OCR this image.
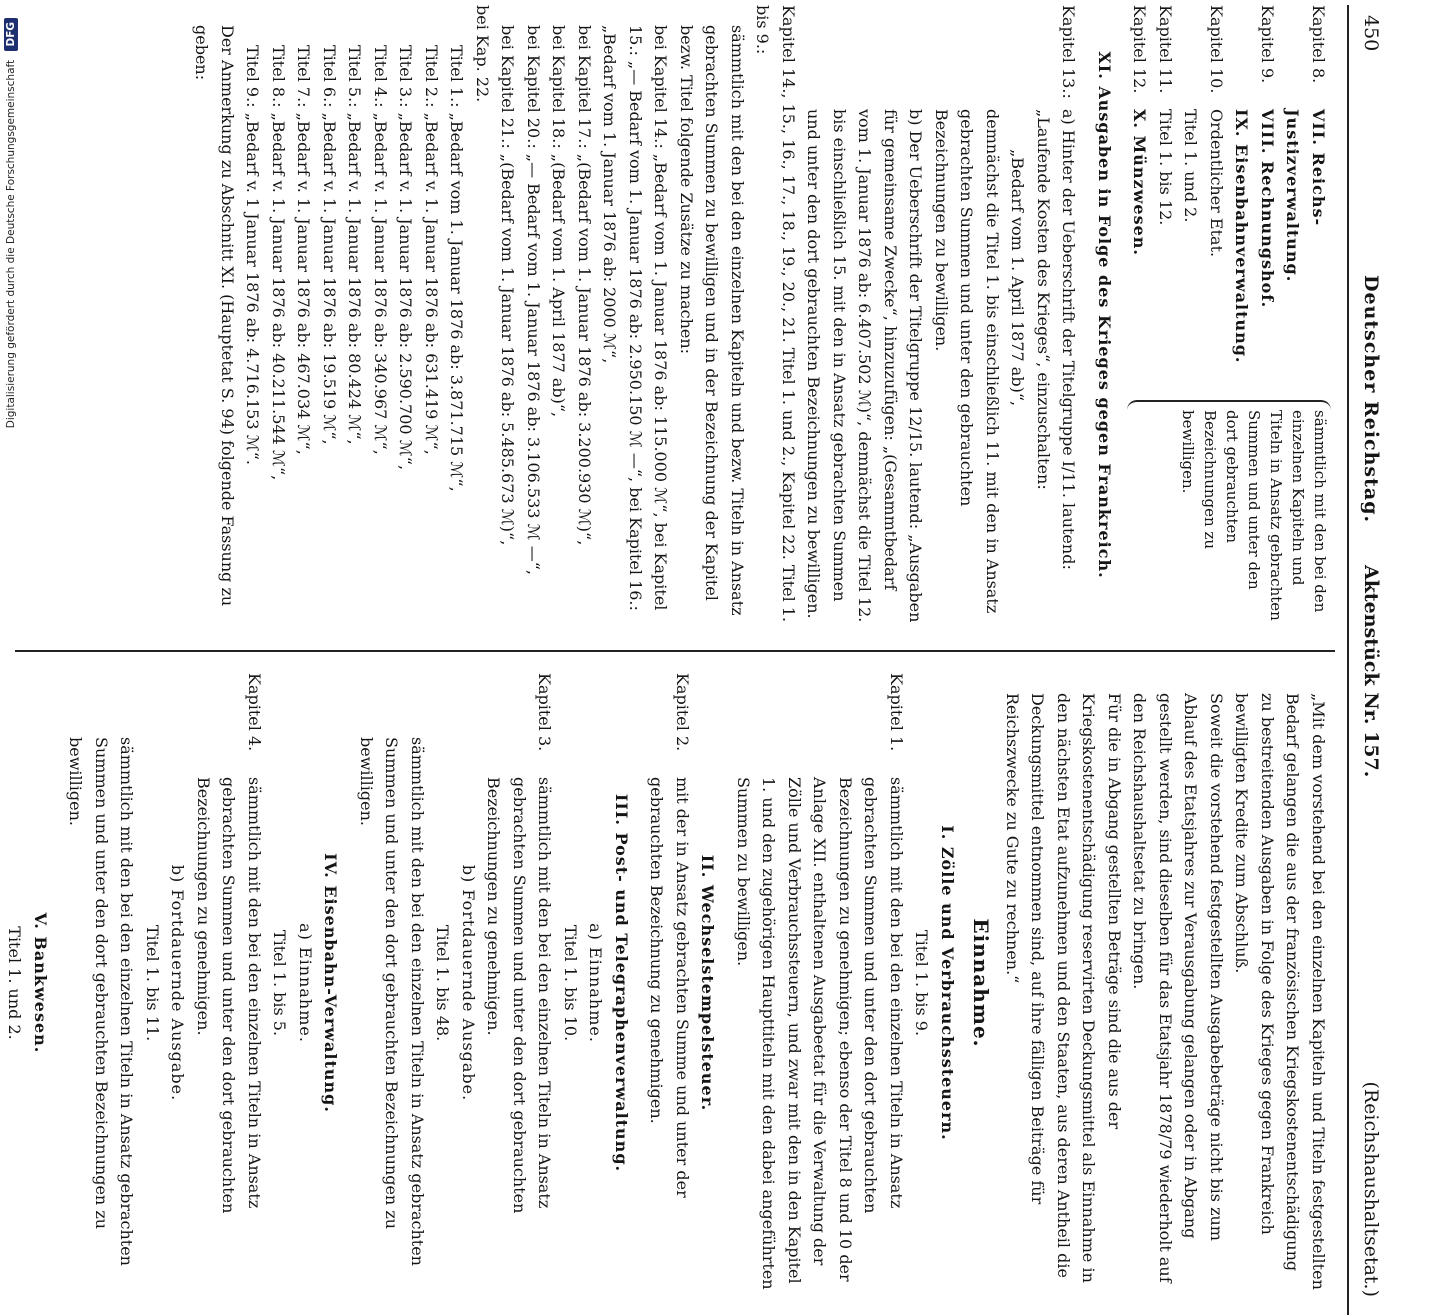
450
Deutscher Reichstag.
Aktenstück Nr. 157.
(Reichshaushaltsetat.)
Kapitel 8.
VII. Reichs-Justizverwaltung.
Kapitel 9.
VIII. Rechnungshof.
IX. Eisenbahnverwaltung.
Kapitel 10.
Ordentlicher Etat.
Titel 1. und 2.
Kapitel 11.
Titel 1. bis 12.
Kapitel 12.
X. Münzwesen.
sämmtlich mit den bei den einzelnen Kapiteln und Titeln in Ansatz gebrachten Summen und unter den dort gebrauchten Bezeichnungen zu bewilligen.

XI. Ausgaben in Folge des Krieges gegen Frankreich.

Kapitel 13.:

a) Hinter der Ueberschrift der Titelgruppe I/11. lautend: „Laufende Kosten des Krieges“, einzuschalten:

„Bedarf vom 1. April 1877 ab)“,

demnächst die Titel 1. bis einschließlich 11. mit den in Ansatz gebrachten Summen und unter den gebrauchten Bezeichnungen zu bewilligen.

b) Der Ueberschrift der Titelgruppe 12/15. lautend: „Ausgaben für gemeinsame Zwecke“, hinzuzufügen: „(Gesammtbedarf vom 1. Januar 1876 ab: 6.407.502 ℳ)“, demnächst die Titel 12. bis einschließlich 15. mit den in Ansatz gebrachten Summen und unter den dort gebrauchten Bezeichnungen zu bewilligen.

Kapitel 14., 15., 16., 17., 18., 19., 20., 21. Titel 1. und 2., Kapitel 22. Titel 1. bis 9.:

sämmtlich mit den bei den einzelnen Kapiteln und bezw. Titeln in Ansatz gebrachten Summen zu bewilligen und in der Bezeichnung der Kapitel bezw. Titel folgende Zusätze zu machen:

bei Kapitel 14.: „Bedarf vom 1. Januar 1876 ab: 115.000 ℳ“, bei Kapitel 15.: „— Bedarf vom 1. Januar 1876 ab: 2.950.150 ℳ —“, bei Kapitel 16.: „Bedarf vom 1. Januar 1876 ab: 2000 ℳ“,

bei Kapitel 17.: „(Bedarf vom 1. Januar 1876 ab: 3.200.930 ℳ)“,

bei Kapitel 18.: „(Bedarf vom 1. April 1877 ab)“,

bei Kapitel 20.: „— Bedarf vom 1. Januar 1876 ab: 3.106.533 ℳ —“,

bei Kapitel 21.: „(Bedarf vom 1. Januar 1876 ab: 5.485.673 ℳ)“,

bei Kap. 22.

Titel 1.: „Bedarf vom 1. Januar 1876 ab: 3.871.715 ℳ“,

Titel 2.: „Bedarf v. 1. Januar 1876 ab: 631.419 ℳ“,

Titel 3.: „Bedarf v. 1. Januar 1876 ab: 2.590.700 ℳ“,

Titel 4.: „Bedarf v. 1. Januar 1876 ab: 340.967 ℳ“,

Titel 5.: „Bedarf v. 1. Januar 1876 ab: 80.424 ℳ“,

Titel 6.: „Bedarf v. 1. Januar 1876 ab: 19.519 ℳ“,

Titel 7.: „Bedarf v. 1. Januar 1876 ab: 467.034 ℳ“,

Titel 8.: „Bedarf v. 1. Januar 1876 ab: 40.211.544 ℳ“,

Titel 9.: „Bedarf v. 1 Januar 1876 ab: 4.716.153 ℳ“.

Der Anmerkung zu Abschnitt XI. (Hauptetat S. 94) folgende Fassung zu geben:

„Mit dem vorstehend bei den einzelnen Kapiteln und Titeln festgestellten Bedarf gelangen die aus der französischen Kriegskostenentschädigung zu bestreitenden Ausgaben in Folge des Krieges gegen Frankreich bewilligten Kredite zum Abschluß.

Soweit die vorstehend festgestellten Ausgabebeträge nicht bis zum Ablauf des Etatsjahres zur Verausgabung gelangen oder in Abgang gestellt werden, sind dieselben für das Etatsjahr 1878/79 wiederholt auf den Reichshaushaltsetat zu bringen.

Für die in Abgang gestellten Beträge sind die aus der Kriegskostenentschädigung reservirten Deckungsmittel als Einnahme in den nächsten Etat aufzunehmen und den Staaten, aus deren Antheil die Deckungsmittel entnommen sind, auf ihre fälligen Beiträge für Reichszwecke zu Gute zu rechnen.“

Einnahme.

I. Zölle und Verbrauchssteuern.

Titel 1. bis 9.

Kapitel 1.

sämmtlich mit den bei den einzelnen Titeln in Ansatz gebrachten Summen und unter den dort gebrauchten Bezeichnungen zu genehmigen; ebenso der Titel 8 und 10 der Anlage XII. enthaltenen Ausgabeetat für die Verwaltung der Zölle und Verbrauchssteuern, und zwar mit den in den Kapitel 1. und den zugehörigen Haupttiteln mit den dabei angeführten Summen zu bewilligen.

II. Wechselstempelsteuer.

Kapitel 2.

mit der in Ansatz gebrachten Summe und unter der gebrauchten Bezeichnung zu genehmigen.

III. Post- und Telegraphenverwaltung.

a) Einnahme.

Titel 1. bis 10.

Kapitel 3.

sämmtlich mit den bei den einzelnen Titeln in Ansatz gebrachten Summen und unter den dort gebrauchten Bezeichnungen zu genehmigen.

b) Fortdauernde Ausgabe.

Titel 1. bis 48.

sämmtlich mit den bei den einzelnen Titeln in Ansatz gebrachten Summen und unter den dort gebrauchten Bezeichnungen zu bewilligen.

IV. Eisenbahn-Verwaltung.

a) Einnahme.

Titel 1. bis 5.

Kapitel 4.

sämmtlich mit den bei den einzelnen Titeln in Ansatz gebrachten Summen und unter den dort gebrauchten Bezeichnungen zu genehmigen.

b) Fortdauernde Ausgabe.

Titel 1. bis 11.

sämmtlich mit den bei den einzelnen Titeln in Ansatz gebrachten Summen und unter den dort gebrauchten Bezeichnungen zu bewilligen.

V. Bankwesen.

Titel 1. und 2.

Digitalisierung gefördert durch die Deutsche Forschungsgemeinschaft DFG
